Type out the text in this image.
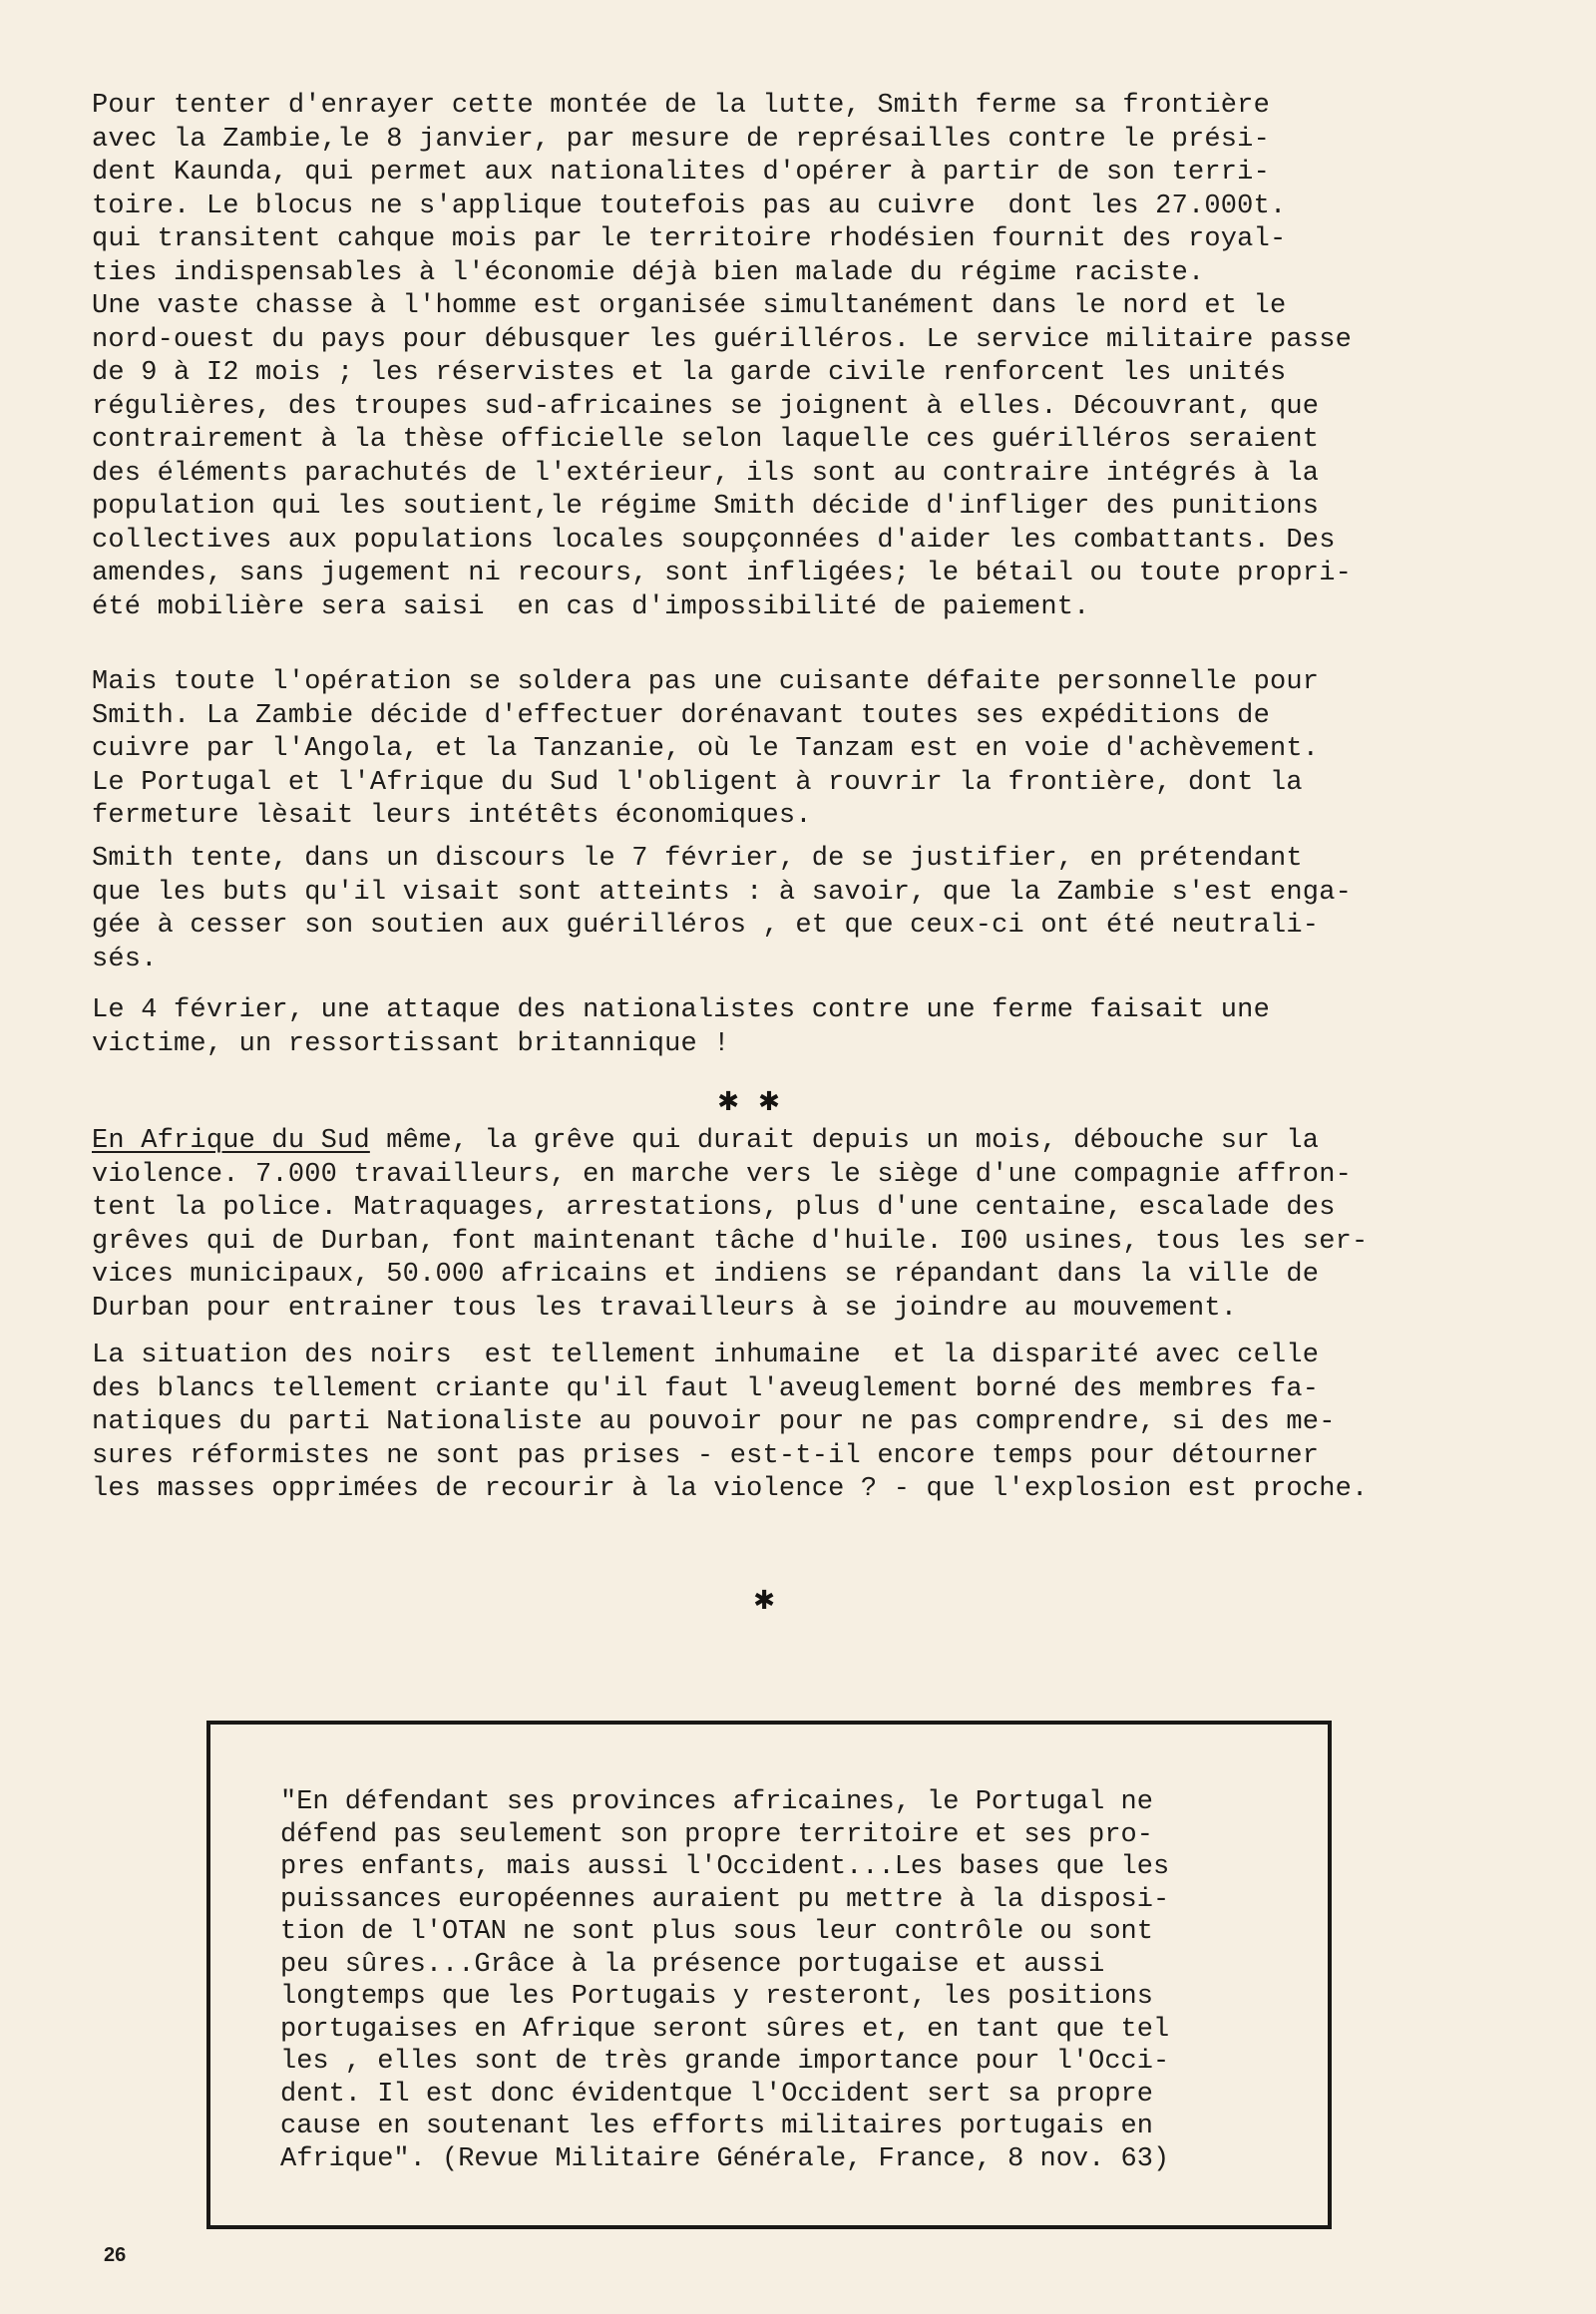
Pour tenter d'enrayer cette montée de la lutte, Smith ferme sa frontière
avec la Zambie,le 8 janvier, par mesure de représailles contre le prési-
dent Kaunda, qui permet aux nationalites d'opérer à partir de son terri-
toire. Le blocus ne s'applique toutefois pas au cuivre  dont les 27.000t.
qui transitent cahque mois par le territoire rhodésien fournit des royal-
ties indispensables à l'économie déjà bien malade du régime raciste.
Une vaste chasse à l'homme est organisée simultanément dans le nord et le
nord-ouest du pays pour débusquer les guérilléros. Le service militaire passe
de 9 à I2 mois ; les réservistes et la garde civile renforcent les unités
régulières, des troupes sud-africaines se joignent à elles. Découvrant, que
contrairement à la thèse officielle selon laquelle ces guérilléros seraient
des éléments parachutés de l'extérieur, ils sont au contraire intégrés à la
population qui les soutient,le régime Smith décide d'infliger des punitions
collectives aux populations locales soupçonnées d'aider les combattants. Des
amendes, sans jugement ni recours, sont infligées; le bétail ou toute propri-
été mobilière sera saisi  en cas d'impossibilité de paiement.
Mais toute l'opération se soldera pas une cuisante défaite personnelle pour
Smith. La Zambie décide d'effectuer dorénavant toutes ses expéditions de
cuivre par l'Angola, et la Tanzanie, où le Tanzam est en voie d'achèvement.
Le Portugal et l'Afrique du Sud l'obligent à rouvrir la frontière, dont la
fermeture lèsait leurs intétêts économiques.
Smith tente, dans un discours le 7 février, de se justifier, en prétendant
que les buts qu'il visait sont atteints : à savoir, que la Zambie s'est enga-
gée à cesser son soutien aux guérilléros , et que ceux-ci ont été neutrali-
sés.
Le 4 février, une attaque des nationalistes contre une ferme faisait une
victime, un ressortissant britannique !
✱ ✱
En Afrique du Sud même, la grêve qui durait depuis un mois, débouche sur la
violence. 7.000 travailleurs, en marche vers le siège d'une compagnie affron-
tent la police. Matraquages, arrestations, plus d'une centaine, escalade des
grêves qui de Durban, font maintenant tâche d'huile. I00 usines, tous les ser-
vices municipaux, 50.000 africains et indiens se répandant dans la ville de
Durban pour entrainer tous les travailleurs à se joindre au mouvement.
La situation des noirs  est tellement inhumaine  et la disparité avec celle
des blancs tellement criante qu'il faut l'aveuglement borné des membres fa-
natiques du parti Nationaliste au pouvoir pour ne pas comprendre, si des me-
sures réformistes ne sont pas prises - est-t-il encore temps pour détourner
les masses opprimées de recourir à la violence ? - que l'explosion est proche.
✱
"En défendant ses provinces africaines, le Portugal ne
défend pas seulement son propre territoire et ses pro-
pres enfants, mais aussi l'Occident...Les bases que les
puissances européennes auraient pu mettre à la disposi-
tion de l'OTAN ne sont plus sous leur contrôle ou sont
peu sûres...Grâce à la présence portugaise et aussi
longtemps que les Portugais y resteront, les positions
portugaises en Afrique seront sûres et, en tant que tel
les , elles sont de très grande importance pour l'Occi-
dent. Il est donc évidentque l'Occident sert sa propre
cause en soutenant les efforts militaires portugais en
Afrique". (Revue Militaire Générale, France, 8 nov. 63)
26
